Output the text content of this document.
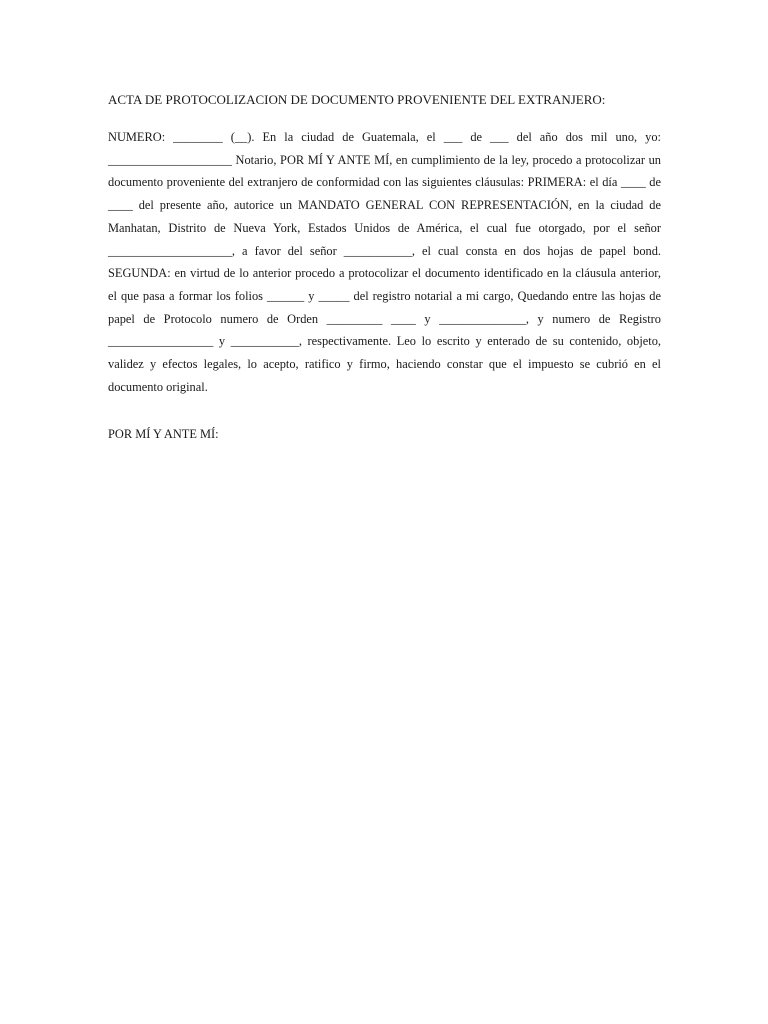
ACTA DE PROTOCOLIZACION DE DOCUMENTO PROVENIENTE DEL EXTRANJERO:

NUMERO: ________ (__). En la ciudad de Guatemala, el ___ de ___ del año dos mil uno, yo: ____________________ Notario, POR MÍ Y ANTE MÍ, en cumplimiento de la ley, procedo a protocolizar un documento proveniente del extranjero de conformidad con las siguientes cláusulas: PRIMERA: el día ____ de ____ del presente año, autorice un MANDATO GENERAL CON REPRESENTACIÓN, en la ciudad de Manhatan, Distrito de Nueva York, Estados Unidos de América, el cual fue otorgado, por el señor ____________________, a favor del señor ___________, el cual consta en dos hojas de papel bond. SEGUNDA: en virtud de lo anterior procedo a protocolizar el documento identificado en la cláusula anterior, el que pasa a formar los folios ______ y _____ del registro notarial a mi cargo, Quedando entre las hojas de papel de Protocolo numero de Orden _________ ____ y ______________, y numero de Registro _________________ y ___________, respectivamente. Leo lo escrito y enterado de su contenido, objeto, validez y efectos legales, lo acepto, ratifico y firmo, haciendo constar que el impuesto se cubrió en el documento original.

POR MÍ Y ANTE MÍ:
